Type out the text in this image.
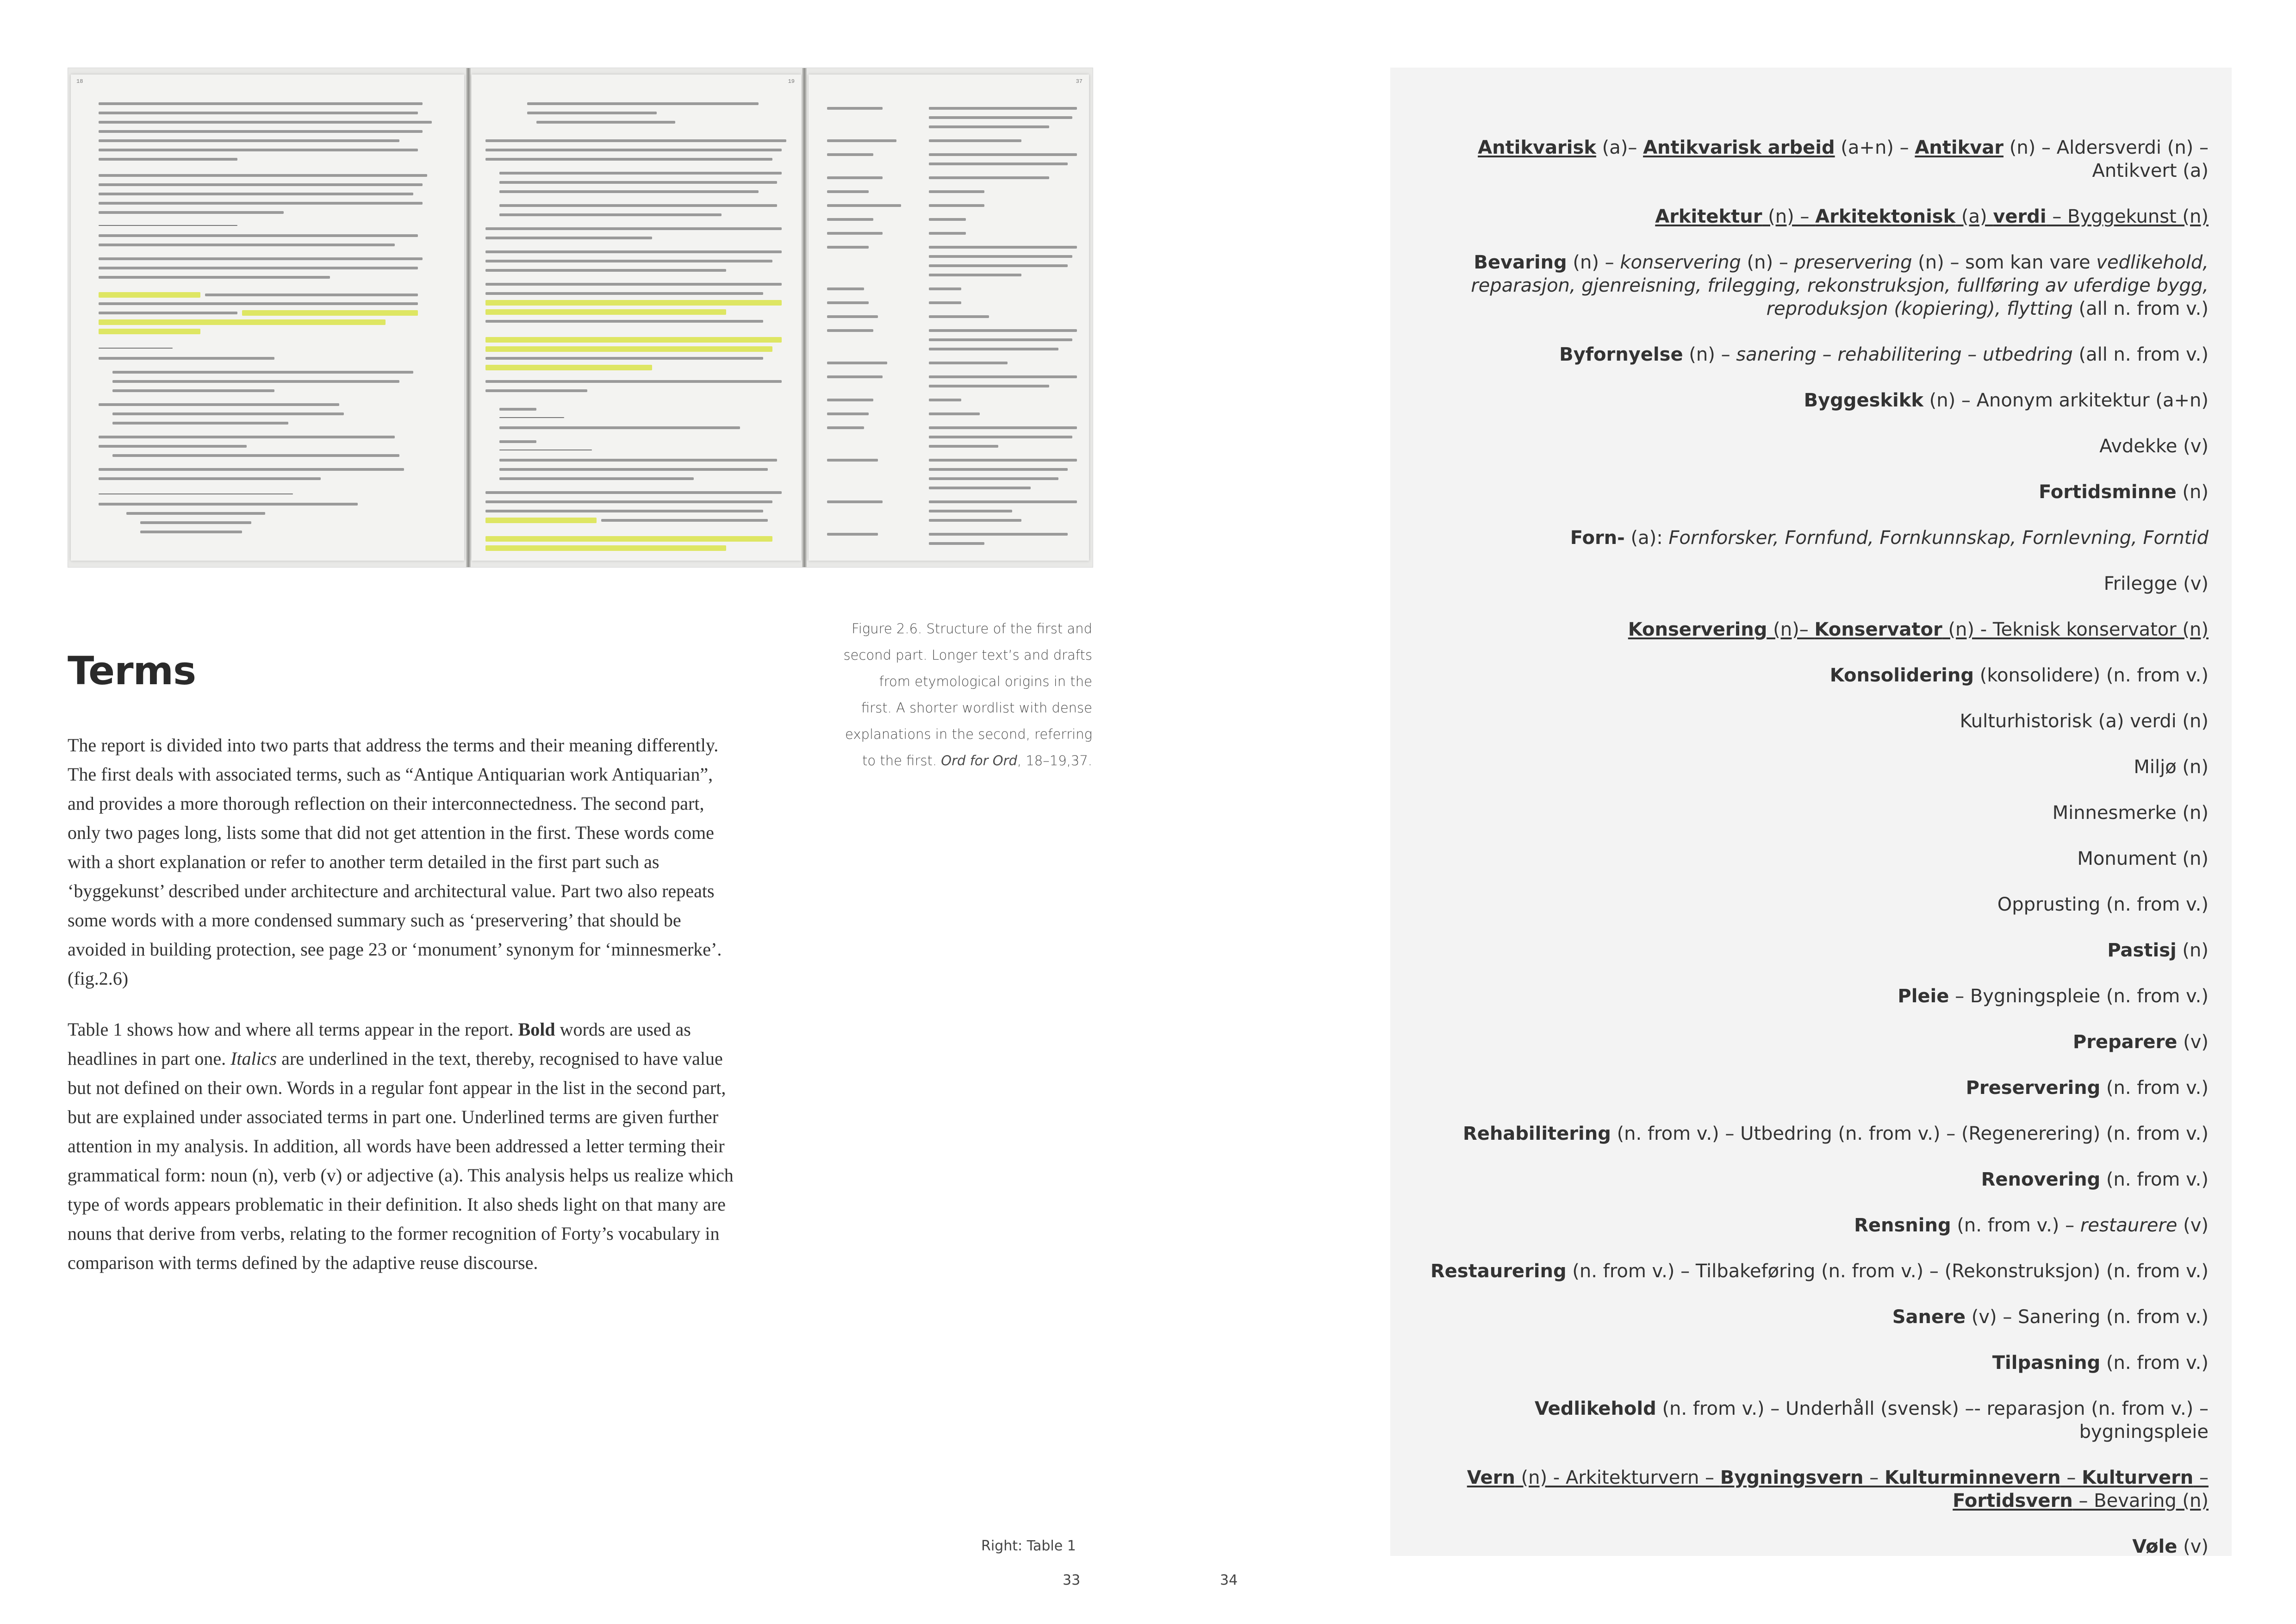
18	19	37
Figure 2.6. Structure of the first and
second part. Longer text’s and drafts
from etymological origins in the
first. A shorter wordlist with dense
explanations in the second, referring
to the first. Ord for Ord, 18–19,37.
Terms

The report is divided into two parts that address the terms and their meaning differently. The first deals with associated terms, such as “Antique Antiquarian work Antiquarian”, and provides a more thorough reflection on their interconnectedness. The second part, only two pages long, lists some that did not get attention in the first. These words come with a short explanation or refer to another term detailed in the first part such as ‘byggekunst’ described under architecture and architectural value. Part two also repeats some words with a more condensed summary such as ‘preservering’ that should be avoided in building protection, see page 23 or ‘monument’ synonym for ‘minnesmerke’. (fig.2.6)

Table 1 shows how and where all terms appear in the report. Bold words are used as headlines in part one. Italics are underlined in the text, thereby, recognised to have value but not defined on their own. Words in a regular font appear in the list in the second part, but are explained under associated terms in part one. Underlined terms are given further attention in my analysis. In addition, all words have been addressed a letter terming their grammatical form: noun (n), verb (v) or adjective (a). This analysis helps us realize which type of words appears problematic in their definition. It also sheds light on that many are nouns that derive from verbs, relating to the former recognition of Forty’s vocabulary in comparison with terms defined by the adaptive reuse discourse.

Right: Table 1
33	34
Antikvarisk (a)– Antikvarisk arbeid (a+n) – Antikvar (n) – Aldersverdi (n) – Antikvert (a)
Arkitektur (n) – Arkitektonisk (a) verdi – Byggekunst (n)
Bevaring (n) – konservering (n) – preservering (n) – som kan vare vedlikehold, reparasjon, gjenreisning, frilegging, rekonstruksjon, fullføring av uferdige bygg, reproduksjon (kopiering), flytting (all n. from v.)
Byfornyelse (n) – sanering – rehabilitering – utbedring (all n. from v.)
Byggeskikk (n) – Anonym arkitektur (a+n)
Avdekke (v)
Fortidsminne (n)
Forn- (a): Fornforsker, Fornfund, Fornkunnskap, Fornlevning, Forntid
Frilegge (v)
Konservering (n)– Konservator (n) - Teknisk konservator (n)
Konsolidering (konsolidere) (n. from v.)
Kulturhistorisk (a) verdi (n)
Miljø (n)
Minnesmerke (n)
Monument (n)
Opprusting (n. from v.)
Pastisj (n)
Pleie – Bygningspleie (n. from v.)
Preparere (v)
Preservering (n. from v.)
Rehabilitering (n. from v.) – Utbedring (n. from v.) – (Regenerering) (n. from v.)
Renovering (n. from v.)
Rensning (n. from v.) – restaurere (v)
Restaurering (n. from v.) – Tilbakeføring (n. from v.) – (Rekonstruksjon) (n. from v.)
Sanere (v) – Sanering (n. from v.)
Tilpasning (n. from v.)
Vedlikehold (n. from v.) – Underhåll (svensk) –- reparasjon (n. from v.) – bygningspleie
Vern (n) - Arkitekturvern – Bygningsvern – Kulturminnevern – Kulturvern – Fortidsvern – Bevaring (n)
Vøle (v)
